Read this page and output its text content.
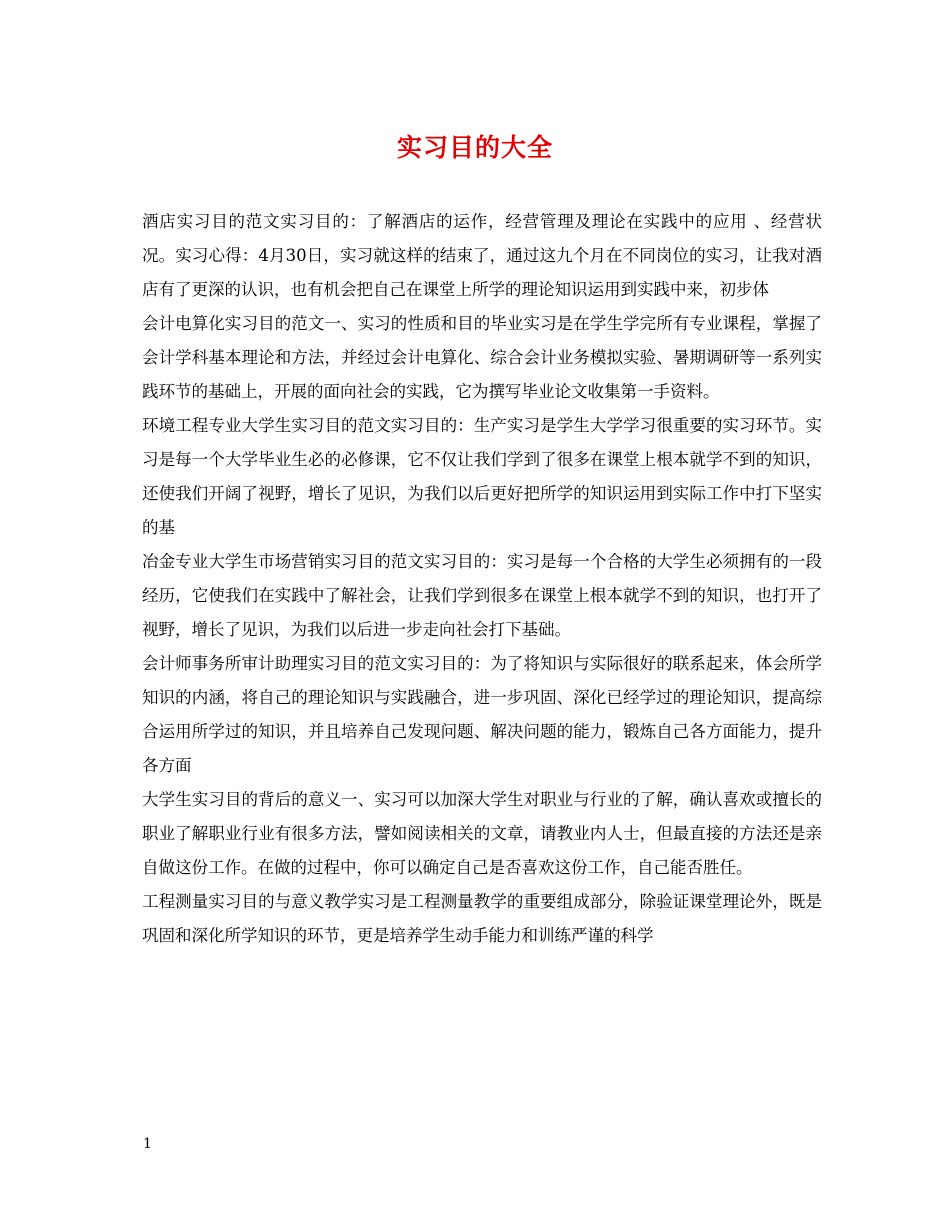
实习目的大全

酒店实习目的范文实习目的：了解酒店的运作，经营管理及理论在实践中的应用 、经营状况。实习心得：4月30日，实习就这样的结束了，通过这九个月在不同岗位的实习，让我对酒店有了更深的认识，也有机会把自己在课堂上所学的理论知识运用到实践中来，初步体

会计电算化实习目的范文一、实习的性质和目的毕业实习是在学生学完所有专业课程，掌握了会计学科基本理论和方法，并经过会计电算化、综合会计业务模拟实验、暑期调研等一系列实践环节的基础上，开展的面向社会的实践，它为撰写毕业论文收集第一手资料。

环境工程专业大学生实习目的范文实习目的：生产实习是学生大学学习很重要的实习环节。实习是每一个大学毕业生必的必修课，它不仅让我们学到了很多在课堂上根本就学不到的知识，还使我们开阔了视野，增长了见识，为我们以后更好把所学的知识运用到实际工作中打下坚实的基

冶金专业大学生市场营销实习目的范文实习目的：实习是每一个合格的大学生必须拥有的一段经历，它使我们在实践中了解社会，让我们学到很多在课堂上根本就学不到的知识，也打开了视野，增长了见识，为我们以后进一步走向社会打下基础。

会计师事务所审计助理实习目的范文实习目的：为了将知识与实际很好的联系起来，体会所学知识的内涵，将自己的理论知识与实践融合，进一步巩固、深化已经学过的理论知识，提高综合运用所学过的知识，并且培养自己发现问题、解决问题的能力，锻炼自己各方面能力，提升各方面

大学生实习目的背后的意义一、实习可以加深大学生对职业与行业的了解，确认喜欢或擅长的职业了解职业行业有很多方法，譬如阅读相关的文章，请教业内人士，但最直接的方法还是亲自做这份工作。在做的过程中，你可以确定自己是否喜欢这份工作，自己能否胜任。

工程测量实习目的与意义教学实习是工程测量教学的重要组成部分，除验证课堂理论外，既是巩固和深化所学知识的环节，更是培养学生动手能力和训练严谨的科学

1
